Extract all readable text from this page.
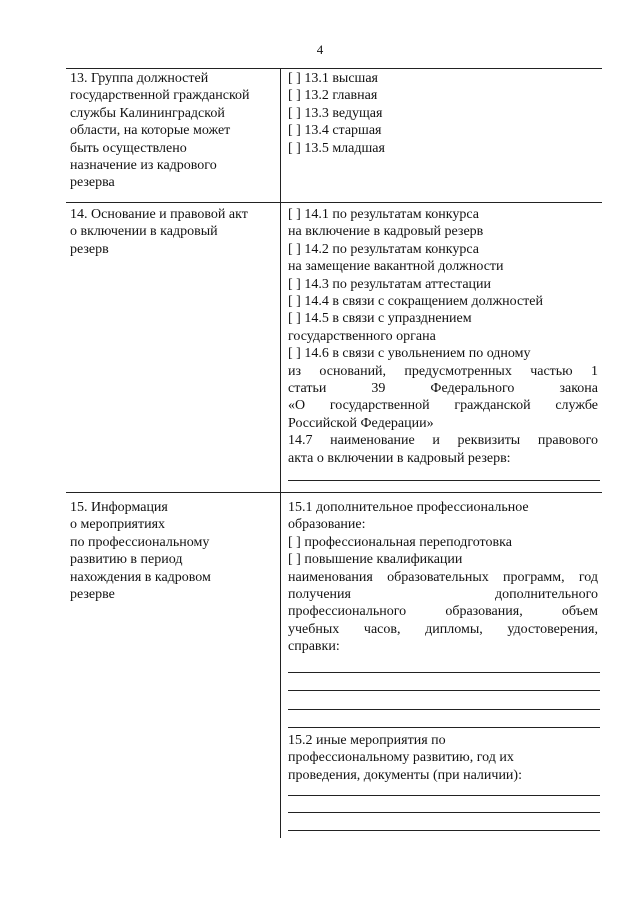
4
13. Группа должностей
государственной гражданской
службы Калининградской
области, на которые может
быть осуществлено
назначение из кадрового
резерва
[ ] 13.1 высшая
[ ] 13.2 главная
[ ] 13.3 ведущая
[ ] 13.4 старшая
[ ] 13.5 младшая
14. Основание и правовой акт
о включении в кадровый
резерв
[ ] 14.1 по результатам конкурса
на включение в кадровый резерв
[ ] 14.2 по результатам конкурса
на замещение вакантной должности
[ ] 14.3 по результатам аттестации
[ ] 14.4 в связи с сокращением должностей
[ ] 14.5 в связи с упразднением
государственного органа
[ ] 14.6 в связи с увольнением по одному
из оснований, предусмотренных частью 1
статьи 39 Федерального закона
«О государственной гражданской службе
Российской Федерации»
14.7 наименование и реквизиты правового
акта о включении в кадровый резерв:
15. Информация
о мероприятиях
по профессиональному
развитию в период
нахождения в кадровом
резерве
15.1 дополнительное профессиональное
образование:
[ ] профессиональная переподготовка
[ ] повышение квалификации
наименования образовательных программ, год
получения дополнительного
профессионального образования, объем
учебных часов, дипломы, удостоверения,
справки:
15.2 иные мероприятия по
профессиональному развитию, год их
проведения, документы (при наличии):
